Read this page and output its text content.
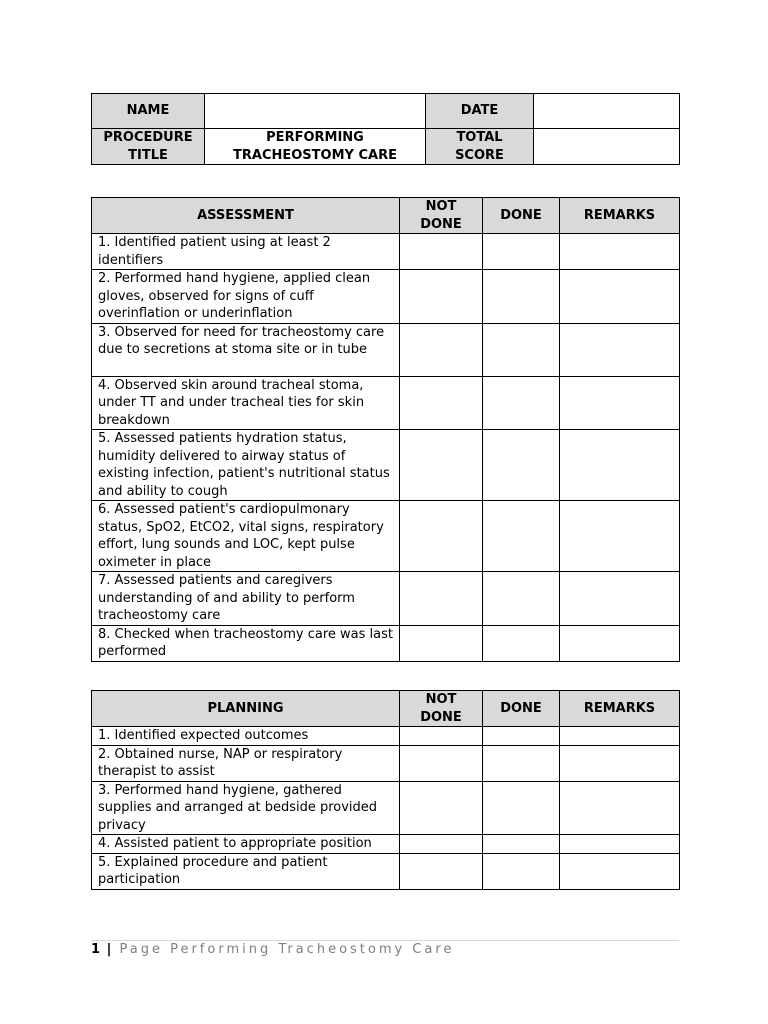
NAME		DATE	
PROCEDURE TITLE	PERFORMING TRACHEOSTOMY CARE	TOTAL SCORE	
ASSESSMENT	NOT DONE	DONE	REMARKS
1. Identified patient using at least 2 identifiers			
2. Performed hand hygiene, applied clean gloves, observed for signs of cuff overinflation or underinflation			
3. Observed for need for tracheostomy care due to secretions at stoma site or in tube			
4. Observed skin around tracheal stoma, under TT and under tracheal ties for skin breakdown			
5. Assessed patients hydration status, humidity delivered to airway status of existing infection, patient's nutritional status and ability to cough			
6. Assessed patient's cardiopulmonary status, SpO2, EtCO2, vital signs, respiratory effort, lung sounds and LOC, kept pulse oximeter in place			
7. Assessed patients and caregivers understanding of and ability to perform tracheostomy care			
8. Checked when tracheostomy care was last performed			
PLANNING	NOT DONE	DONE	REMARKS
1. Identified expected outcomes			
2. Obtained nurse, NAP or respiratory therapist to assist			
3. Performed hand hygiene, gathered supplies and arranged at bedside provided privacy			
4. Assisted patient to appropriate position			
5. Explained procedure and patient participation			
1 | Page Performing Tracheostomy Care
